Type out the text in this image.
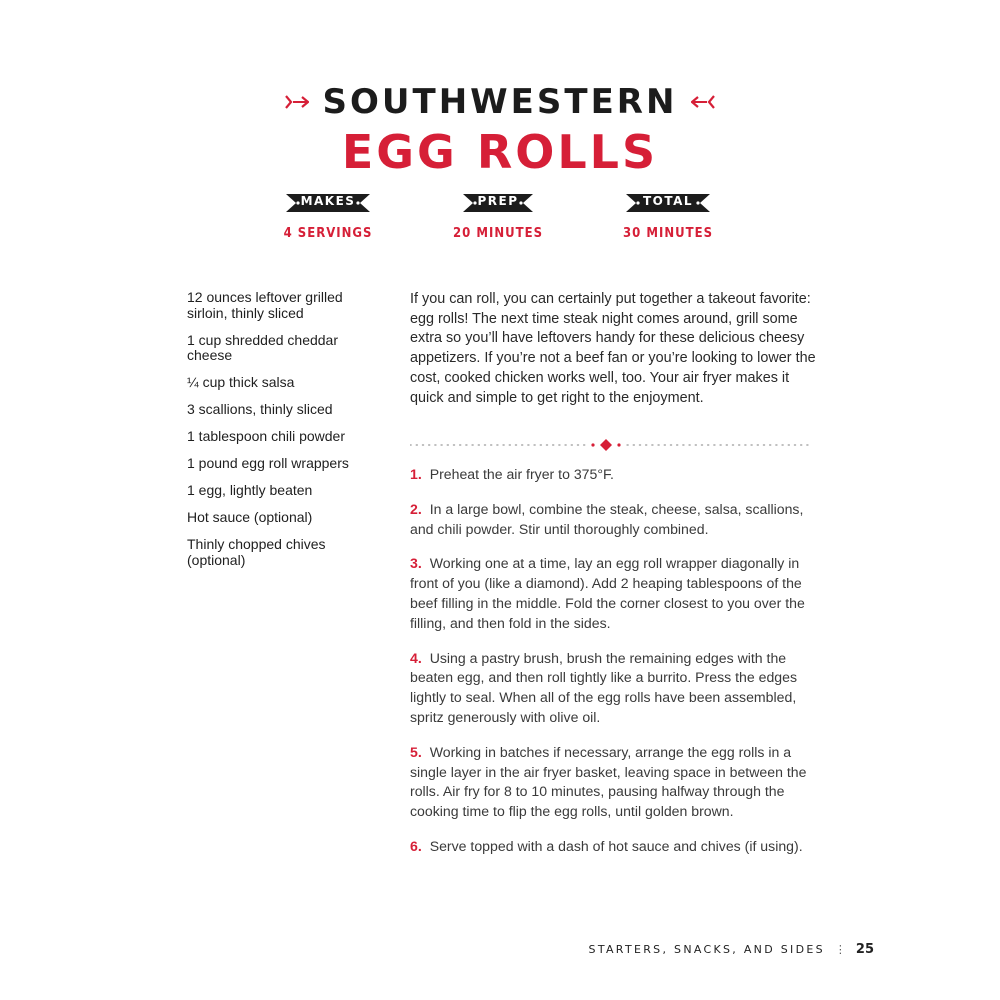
SOUTHWESTERN
EGG ROLLS
MAKES
4 SERVINGS
PREP
20 MINUTES
TOTAL
30 MINUTES
12 ounces leftover grilled sirloin, thinly sliced
1 cup shredded cheddar cheese
¼ cup thick salsa
3 scallions, thinly sliced
1 tablespoon chili powder
1 pound egg roll wrappers
1 egg, lightly beaten
Hot sauce (optional)
Thinly chopped chives (optional)

If you can roll, you can certainly put together a takeout favorite: egg rolls! The next time steak night comes around, grill some extra so you’ll have leftovers handy for these delicious cheesy appetizers. If you’re not a beef fan or you’re looking to lower the cost, cooked chicken works well, too. Your air fryer makes it quick and simple to get right to the enjoyment.

1. Preheat the air fryer to 375°F.
2. In a large bowl, combine the steak, cheese, salsa, scallions, and chili powder. Stir until thoroughly combined.
3. Working one at a time, lay an egg roll wrapper diagonally in front of you (like a diamond). Add 2 heaping tablespoons of the beef filling in the middle. Fold the corner closest to you over the filling, and then fold in the sides.
4. Using a pastry brush, brush the remaining edges with the beaten egg, and then roll tightly like a burrito. Press the edges lightly to seal. When all of the egg rolls have been assembled, spritz generously with olive oil.
5. Working in batches if necessary, arrange the egg rolls in a single layer in the air fryer basket, leaving space in between the rolls. Air fry for 8 to 10 minutes, pausing halfway through the cooking time to flip the egg rolls, until golden brown.
6. Serve topped with a dash of hot sauce and chives (if using).
STARTERS, SNACKS, AND SIDES ⋮ 25
